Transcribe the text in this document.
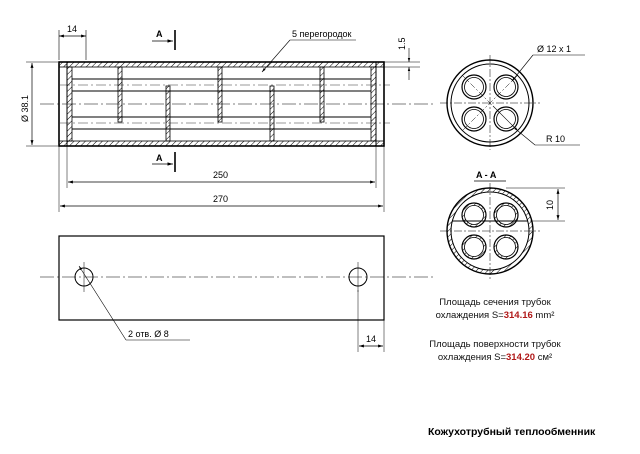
14	A
A
5 перегородок
1.5
Ø 38.1
250
270
2 отв. Ø 8	14
Ø 12 х 1
R 10
A - A
10
Площадь сечения трубок
охлаждения S=314.16 mm²
Площадь поверхности трубок
охлаждения S=314.20 см²
Кожухотрубный теплообменник
